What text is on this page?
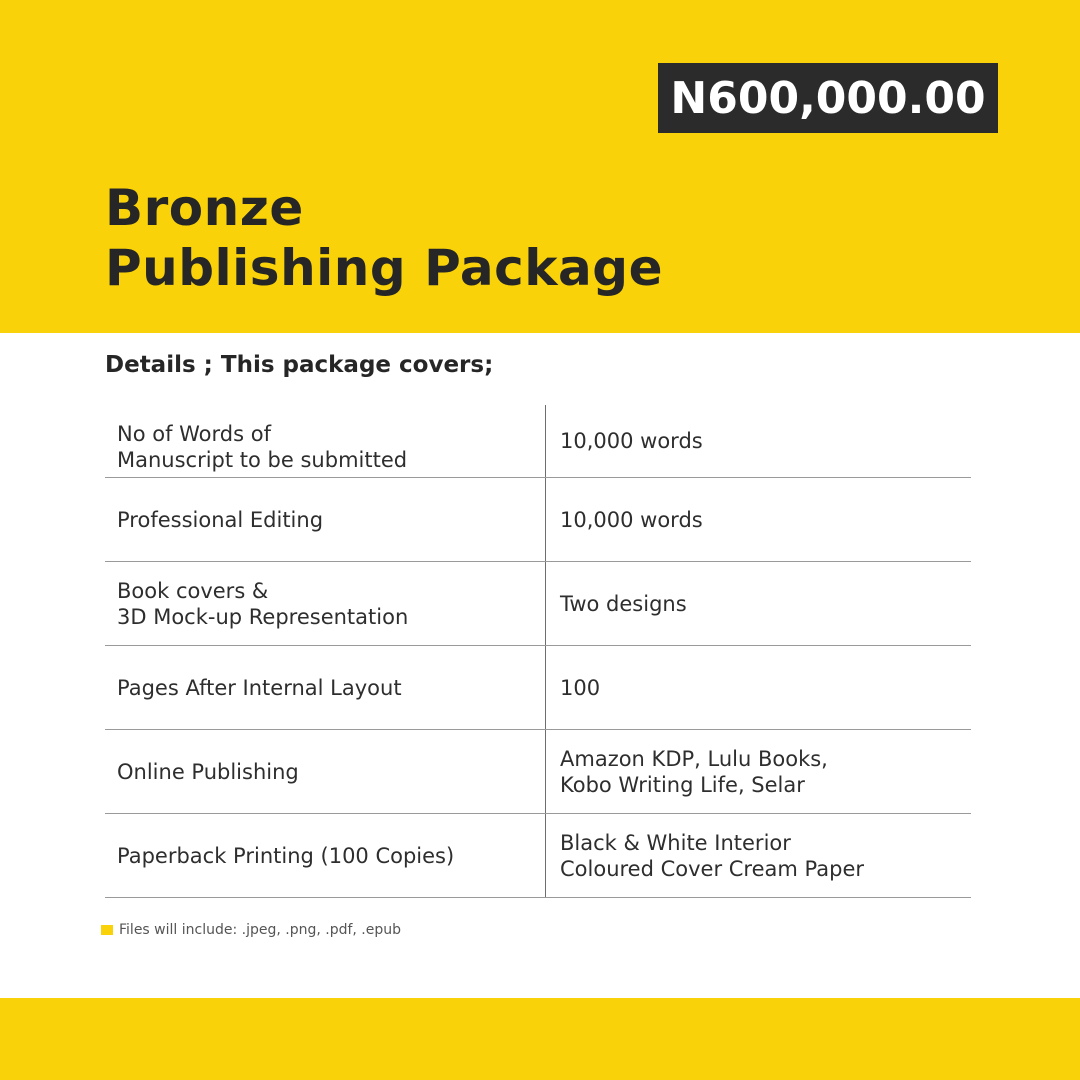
N600,000.00
Bronze
Publishing Package
Details ; This package covers;
No of Words of
Manuscript to be submitted
10,000 words
Professional Editing	10,000 words
Book covers &
3D Mock-up Representation
Two designs
Pages After Internal Layout	100
Online Publishing
Amazon KDP, Lulu Books,
Kobo Writing Life, Selar
Paperback Printing (100 Copies)
Black & White Interior
Coloured Cover Cream Paper
Files will include: .jpeg, .png, .pdf, .epub
